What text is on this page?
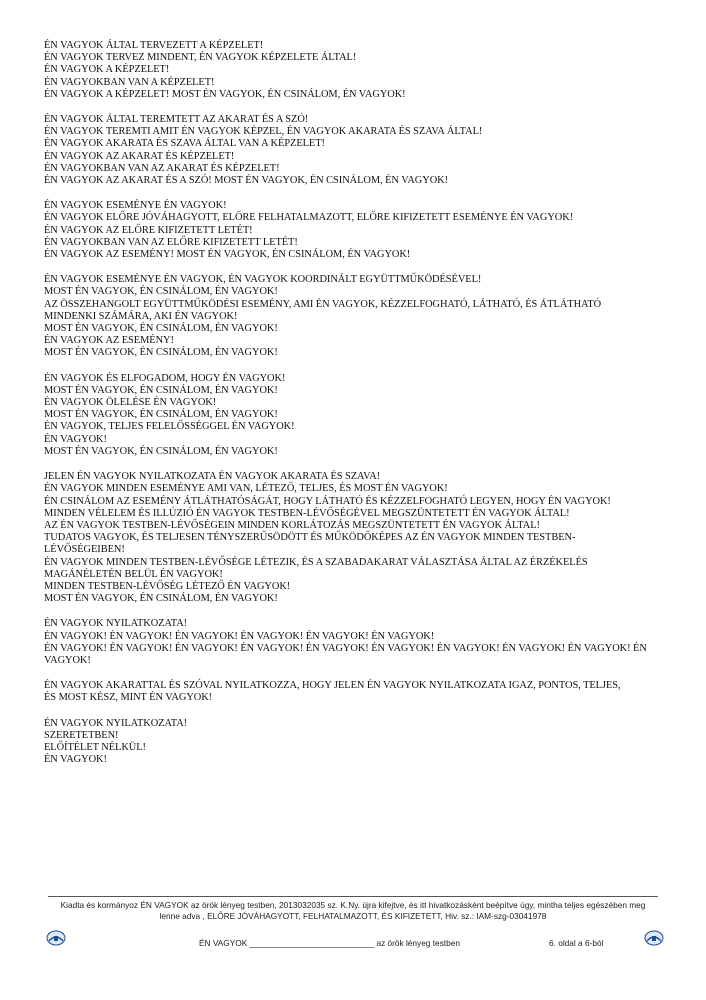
ÉN VAGYOK ÁLTAL TERVEZETT A KÉPZELET!
ÉN VAGYOK TERVEZ MINDENT, ÉN VAGYOK KÉPZELETE ÁLTAL!
ÉN VAGYOK A KÉPZELET!
ÉN VAGYOKBAN VAN A KÉPZELET!
ÉN VAGYOK A KÉPZELET! MOST ÉN VAGYOK, ÉN CSINÁLOM, ÉN VAGYOK!
ÉN VAGYOK ÁLTAL TEREMTETT AZ AKARAT ÉS A SZÓ!
ÉN VAGYOK TEREMTI AMIT ÉN VAGYOK KÉPZEL, ÉN VAGYOK AKARATA ÉS SZAVA ÁLTAL!
ÉN VAGYOK AKARATA ÉS SZAVA ÁLTAL VAN A KÉPZELET!
ÉN VAGYOK AZ AKARAT ÉS KÉPZELET!
ÉN VAGYOKBAN VAN AZ AKARAT ÉS KÉPZELET!
ÉN VAGYOK AZ AKARAT ÉS A SZÓ! MOST ÉN VAGYOK, ÉN CSINÁLOM, ÉN VAGYOK!
ÉN VAGYOK ESEMÉNYE ÉN VAGYOK!
ÉN VAGYOK ELŐRE JÓVÁHAGYOTT, ELŐRE FELHATALMAZOTT, ELŐRE KIFIZETETT ESEMÉNYE ÉN VAGYOK!
ÉN VAGYOK AZ ELŐRE KIFIZETETT LETÉT!
ÉN VAGYOKBAN VAN AZ ELŐRE KIFIZETETT LETÉT!
ÉN VAGYOK AZ ESEMÉNY! MOST ÉN VAGYOK, ÉN CSINÁLOM, ÉN VAGYOK!
ÉN VAGYOK ESEMÉNYE ÉN VAGYOK, ÉN VAGYOK KOORDINÁLT EGYÜTTMŰKÖDÉSÉVEL!
MOST ÉN VAGYOK, ÉN CSINÁLOM, ÉN VAGYOK!
AZ ÖSSZEHANGOLT EGYÜTTMŰKÖDÉSI ESEMÉNY, AMI ÉN VAGYOK, KÉZZELFOGHATÓ, LÁTHATÓ, ÉS ÁTLÁTHATÓ
MINDENKI SZÁMÁRA, AKI ÉN VAGYOK!
MOST ÉN VAGYOK, ÉN CSINÁLOM, ÉN VAGYOK!
ÉN VAGYOK AZ ESEMÉNY!
MOST ÉN VAGYOK, ÉN CSINÁLOM, ÉN VAGYOK!
ÉN VAGYOK ÉS ELFOGADOM, HOGY ÉN VAGYOK!
MOST ÉN VAGYOK, ÉN CSINÁLOM, ÉN VAGYOK!
ÉN VAGYOK ÖLELÉSE ÉN VAGYOK!
MOST ÉN VAGYOK, ÉN CSINÁLOM, ÉN VAGYOK!
ÉN VAGYOK, TELJES FELELŐSSÉGGEL ÉN VAGYOK!
ÉN VAGYOK!
MOST ÉN VAGYOK, ÉN CSINÁLOM, ÉN VAGYOK!
JELEN ÉN VAGYOK NYILATKOZATA ÉN VAGYOK AKARATA ÉS SZAVA!
ÉN VAGYOK MINDEN ESEMÉNYE AMI VAN, LÉTEZŐ, TELJES, ÉS MOST ÉN VAGYOK!
ÉN CSINÁLOM AZ ESEMÉNY ÁTLÁTHATÓSÁGÁT, HOGY LÁTHATÓ ÉS KÉZZELFOGHATÓ LEGYEN, HOGY ÉN VAGYOK!
MINDEN VÉLELEM ÉS ILLÚZIÓ ÉN VAGYOK TESTBEN-LÉVŐSÉGÉVEL MEGSZÜNTETETT ÉN VAGYOK ÁLTAL!
AZ ÉN VAGYOK TESTBEN-LÉVŐSÉGEIN MINDEN KORLÁTOZÁS MEGSZÜNTETETT ÉN VAGYOK ÁLTAL!
TUDATOS VAGYOK, ÉS TELJESEN TÉNYSZERŰSÖDÖTT ÉS MŰKÖDŐKÉPES AZ ÉN VAGYOK MINDEN TESTBEN-
LÉVŐSÉGEIBEN!
ÉN VAGYOK MINDEN TESTBEN-LÉVŐSÉGE LÉTEZIK, ÉS A SZABADAKARAT VÁLASZTÁSA ÁLTAL AZ ÉRZÉKELÉS
MAGÁNÉLETÉN BELÜL ÉN VAGYOK!
MINDEN TESTBEN-LÉVŐSÉG LÉTEZŐ ÉN VAGYOK!
MOST ÉN VAGYOK, ÉN CSINÁLOM, ÉN VAGYOK!
ÉN VAGYOK NYILATKOZATA!
ÉN VAGYOK! ÉN VAGYOK! ÉN VAGYOK! ÉN VAGYOK! ÉN VAGYOK! ÉN VAGYOK!
ÉN VAGYOK! ÉN VAGYOK! ÉN VAGYOK! ÉN VAGYOK! ÉN VAGYOK! ÉN VAGYOK! ÉN VAGYOK! ÉN VAGYOK! ÉN VAGYOK! ÉN
VAGYOK!
ÉN VAGYOK AKARATTAL ÉS SZÓVAL NYILATKOZZA, HOGY JELEN ÉN VAGYOK NYILATKOZATA IGAZ, PONTOS, TELJES,
ÉS MOST KÉSZ, MINT ÉN VAGYOK!
ÉN VAGYOK NYILATKOZATA!
SZERETETBEN!
ELŐÍTÉLET NÉLKÜL!
ÉN VAGYOK!
Kiadta és kormányoz ÉN VAGYOK az örök lényeg testben, 2013032035 sz. K.Ny. újra kifejtve, és itt hivatkozásként beépítve úgy, mintha teljes egészében meg
lenne adva , ELŐRE JÓVÁHAGYOTT, FELHATALMAZOTT, ÉS KIFIZETETT, Hiv. sz.: IAM-szg-03041978
ÉN VAGYOK ___________________________ az örök lényeg testben	6. oldal a 6-ból
